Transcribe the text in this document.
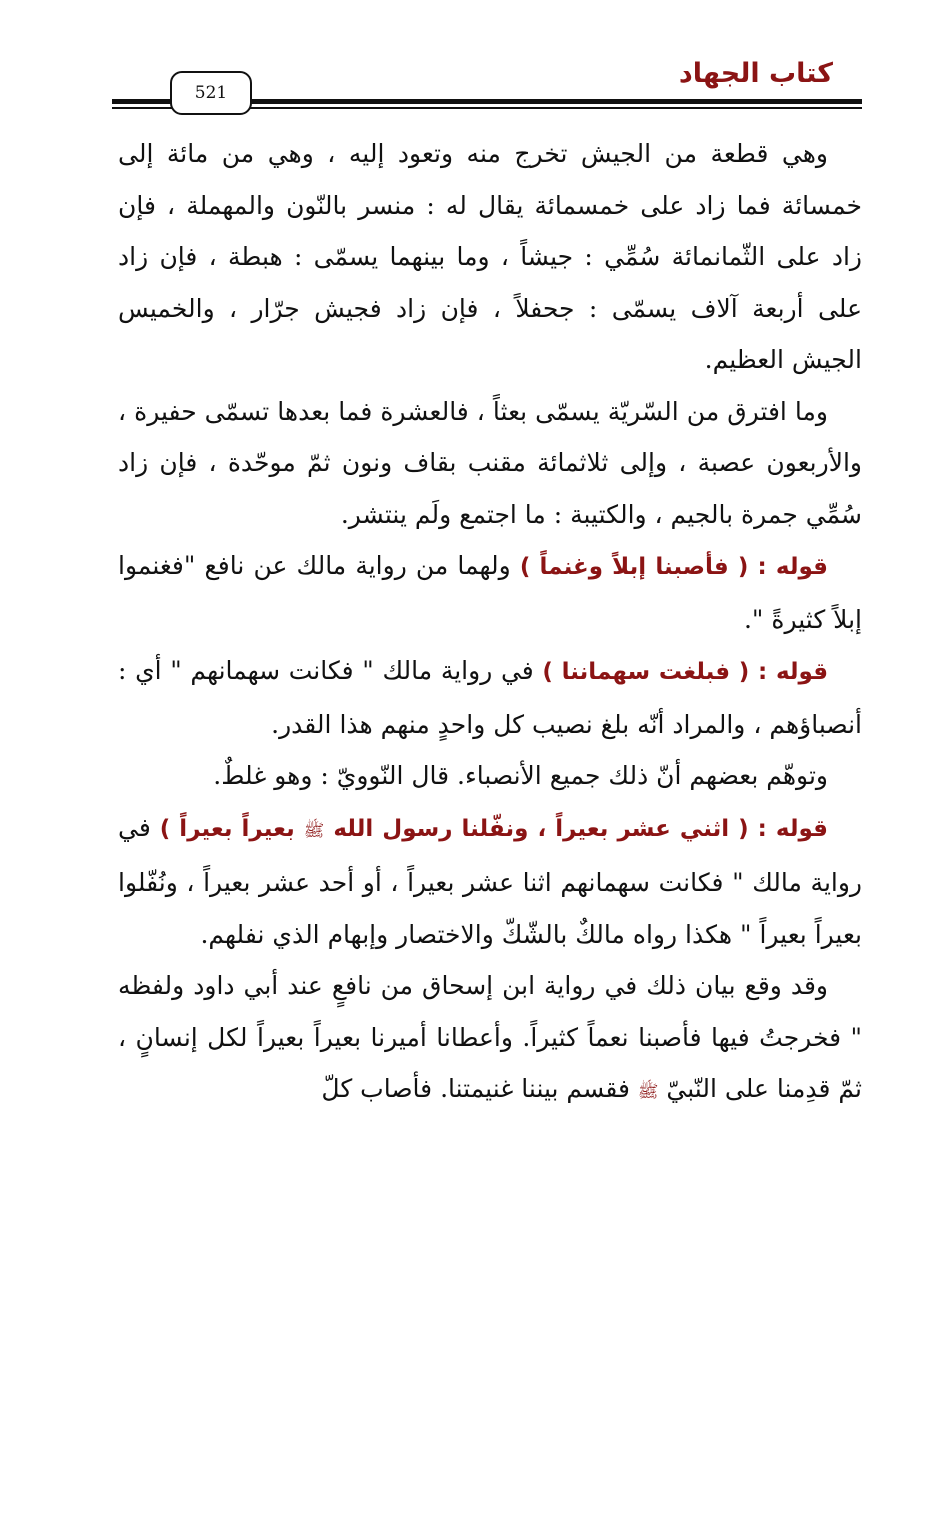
كتاب الجهاد
521

وهي قطعة من الجيش تخرج منه وتعود إليه ، وهي من مائة إلى خمسائة فما زاد على خمسمائة يقال له : منسر بالنّون والمهملة ، فإن زاد على الثّمانمائة سُمِّي : جيشاً ، وما بينهما يسمّى : هبطة ، فإن زاد على أربعة آلاف يسمّى : جحفلاً ، فإن زاد فجيش جرّار ، والخميس الجيش العظيم.

وما افترق من السّريّة يسمّى بعثاً ، فالعشرة فما بعدها تسمّى حفيرة ، والأربعون عصبة ، وإلى ثلاثمائة مقنب بقاف ونون ثمّ موحّدة ، فإن زاد سُمِّي جمرة بالجيم ، والكتيبة : ما اجتمع ولَم ينتشر.

قوله : ( فأصبنا إبلاً وغنماً ) ولهما من رواية مالك عن نافع "فغنموا إبلاً كثيرةً ".

قوله : ( فبلغت سهماننا ) في رواية مالك " فكانت سهمانهم " أي : أنصباؤهم ، والمراد أنّه بلغ نصيب كل واحدٍ منهم هذا القدر.

وتوهّم بعضهم أنّ ذلك جميع الأنصباء. قال النّوويّ : وهو غلطٌ.

قوله : ( اثني عشر بعيراً ، ونفّلنا رسول الله ﷺ بعيراً بعيراً ) في رواية مالك " فكانت سهمانهم اثنا عشر بعيراً ، أو أحد عشر بعيراً ، ونُفّلوا بعيراً بعيراً " هكذا رواه مالكٌ بالشّكّ والاختصار وإبهام الذي نفلهم.

وقد وقع بيان ذلك في رواية ابن إسحاق من نافعٍ عند أبي داود ولفظه " فخرجتُ فيها فأصبنا نعماً كثيراً. وأعطانا أميرنا بعيراً بعيراً لكل إنسانٍ ، ثمّ قدِمنا على النّبيّ ﷺ فقسم بيننا غنيمتنا. فأصاب كلّ
